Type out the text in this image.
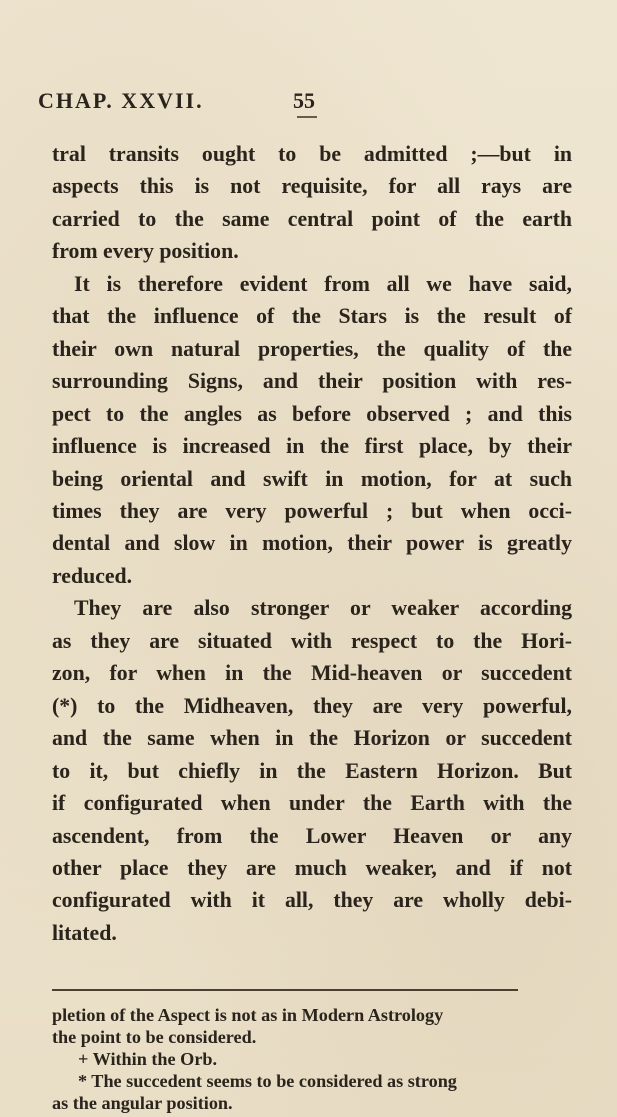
CHAP. XXVII.	55
tral transits ought to be admitted ;—but in
aspects this is not requisite, for all rays are
carried to the same central point of the earth
from every position.
It is therefore evident from all we have said,
that the influence of the Stars is the result of
their own natural properties, the quality of the
surrounding Signs, and their position with res-
pect to the angles as before observed ; and this
influence is increased in the first place, by their
being oriental and swift in motion, for at such
times they are very powerful ; but when occi-
dental and slow in motion, their power is greatly
reduced.
They are also stronger or weaker according
as they are situated with respect to the Hori-
zon, for when in the Mid-heaven or succedent
(*) to the Midheaven, they are very powerful,
and the same when in the Horizon or succedent
to it, but chiefly in the Eastern Horizon. But
if configurated when under the Earth with the
ascendent, from the Lower Heaven or any
other place they are much weaker, and if not
configurated with it all, they are wholly debi-
litated.
pletion of the Aspect is not as in Modern Astrology
the point to be considered.
+ Within the Orb.
* The succedent seems to be considered as strong
as the angular position.
